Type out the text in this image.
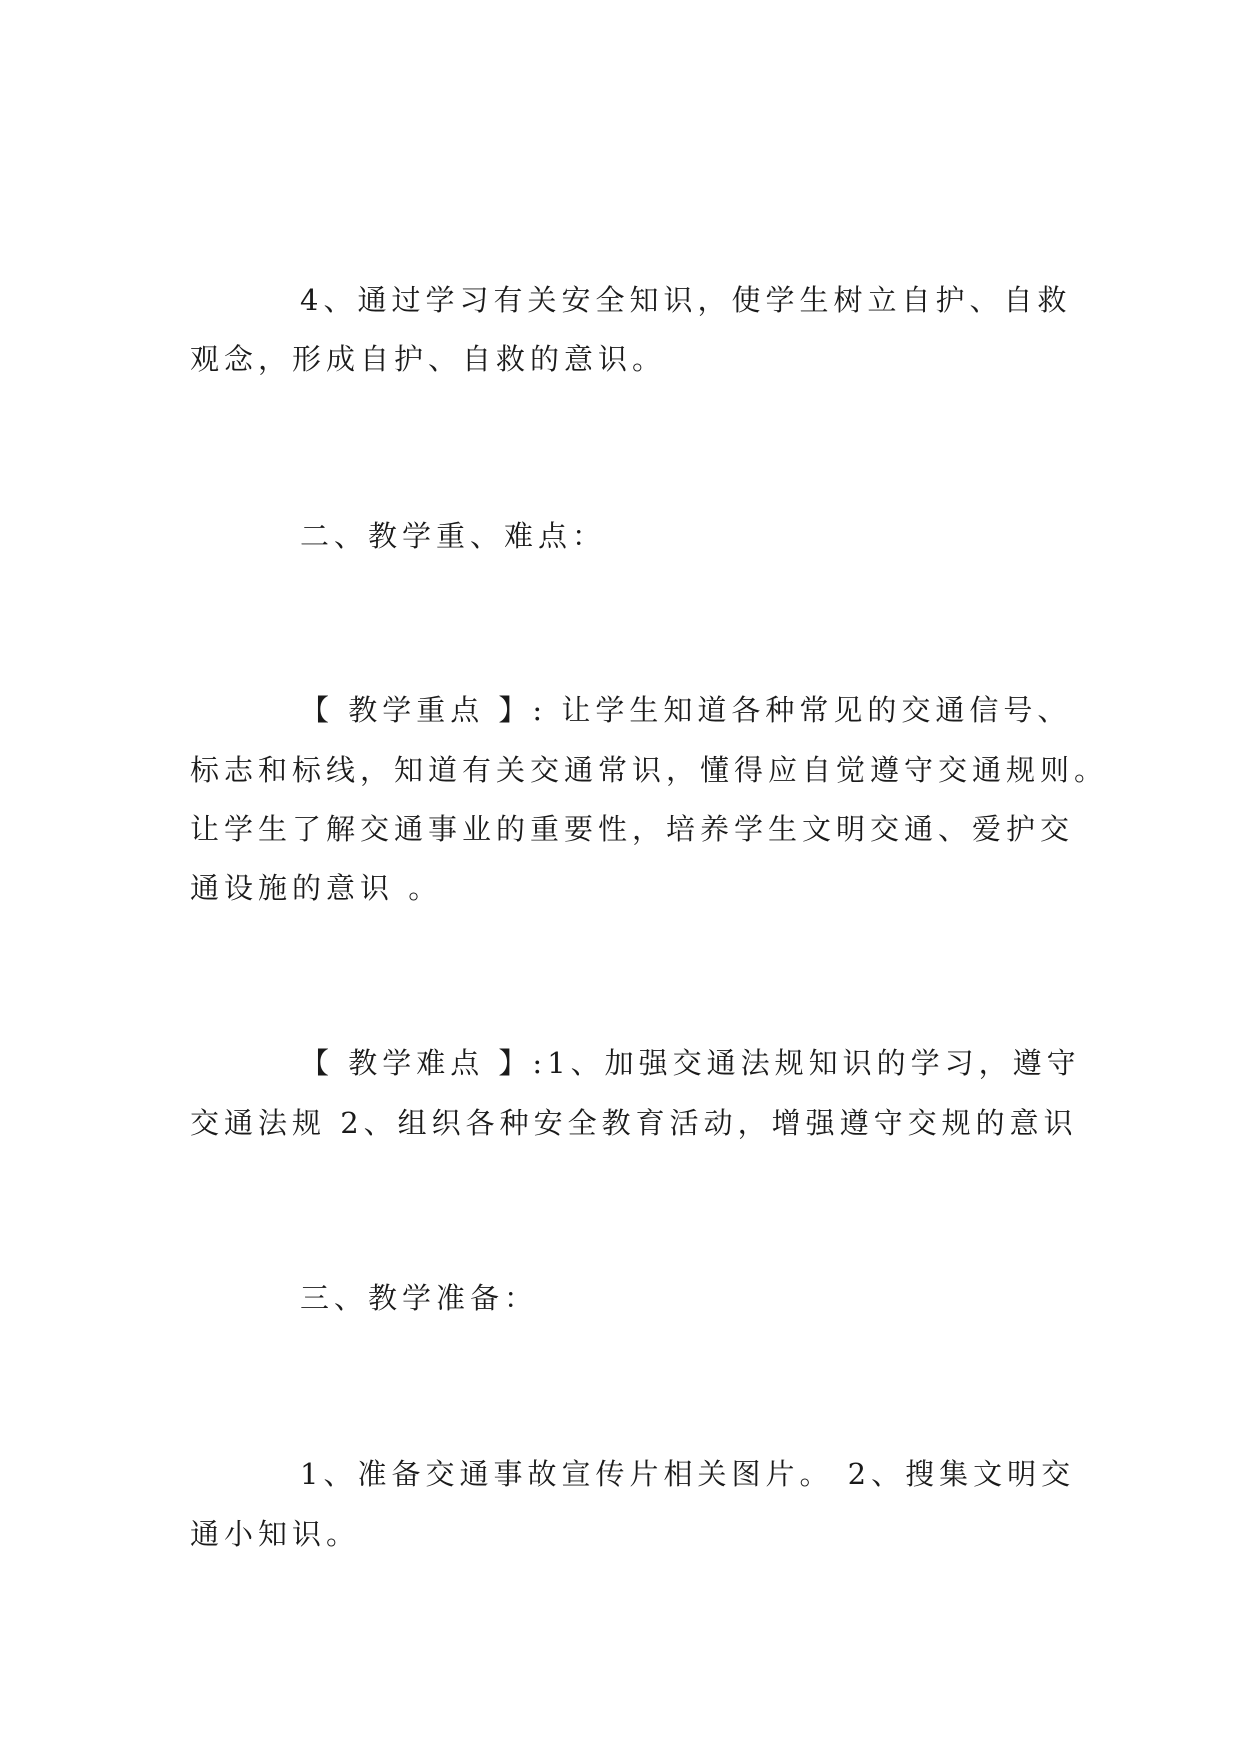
4、通过学习有关安全知识，使学生树立自护、自救

观念，形成自护、自救的意识。

二、教学重、难点：

【 教学重点 】: 让学生知道各种常见的交通信号、

标志和标线，知道有关交通常识，懂得应自觉遵守交通规则。

让学生了解交通事业的重要性，培养学生文明交通、爱护交

通设施的意识 。

【 教学难点 】:1、加强交通法规知识的学习，遵守

交通法规 2、组织各种安全教育活动，增强遵守交规的意识

三、教学准备：

1、准备交通事故宣传片相关图片。 2、搜集文明交

通小知识。
